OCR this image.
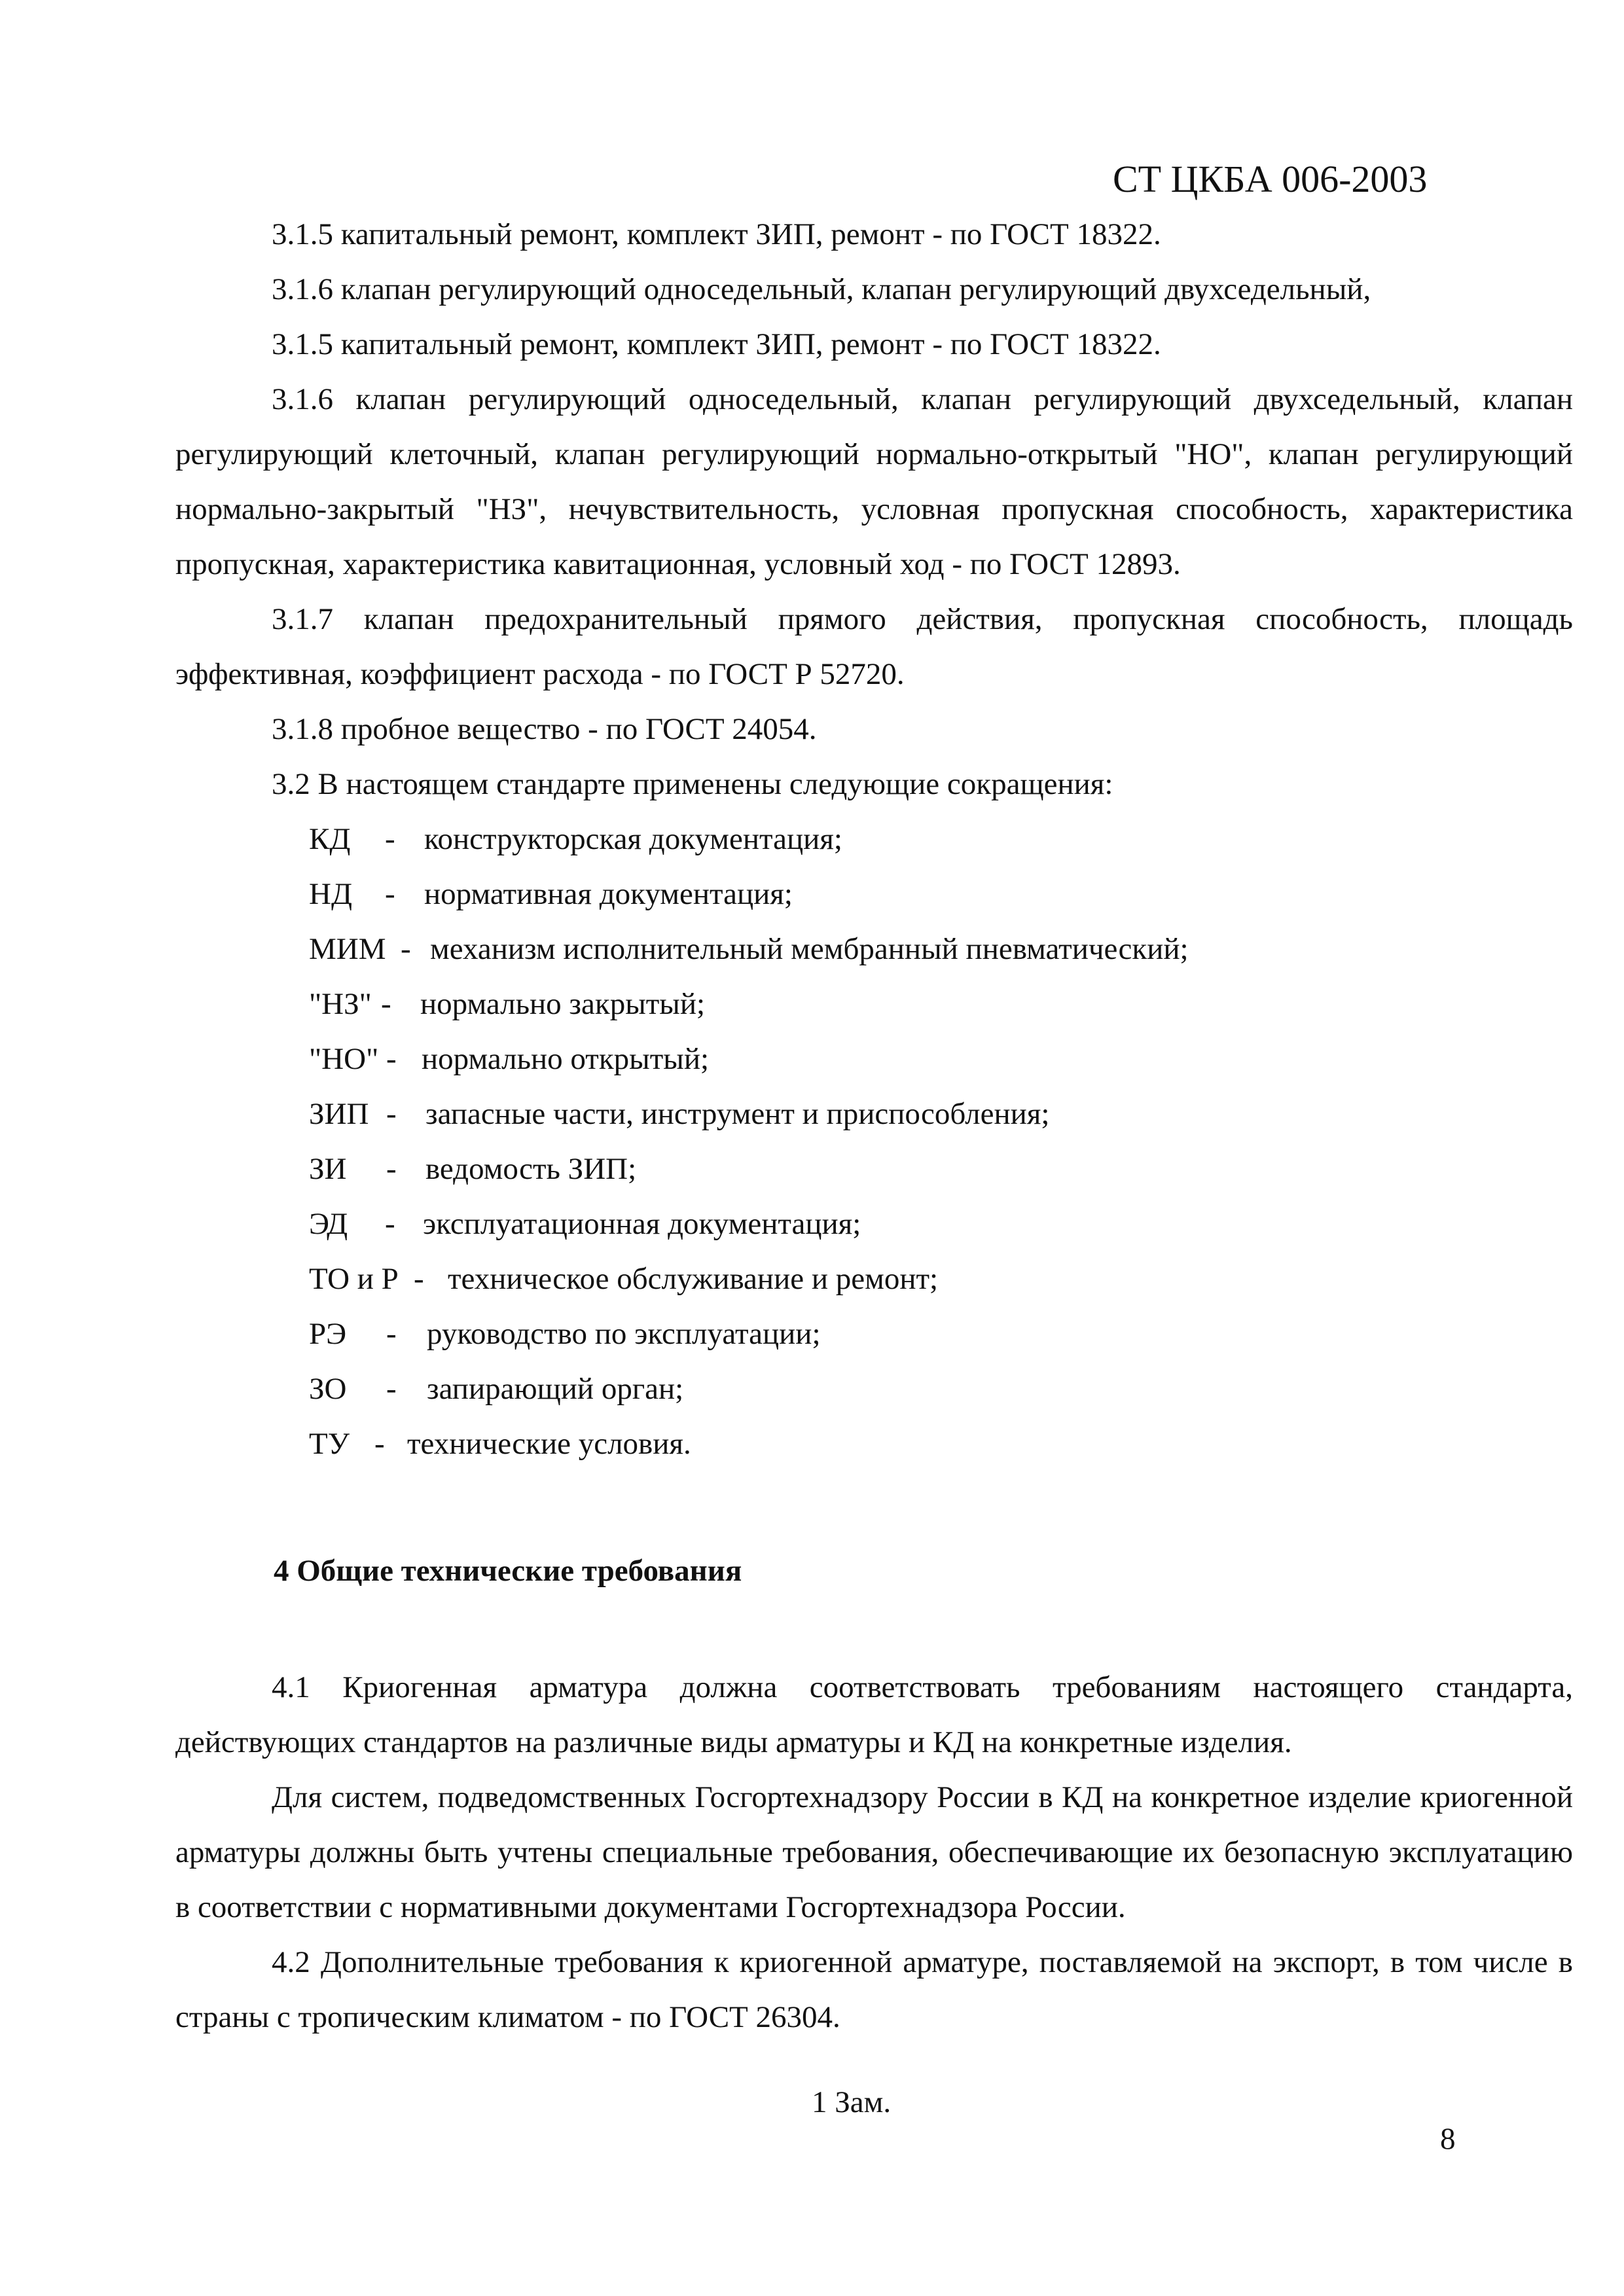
СТ ЦКБА 006-2003

3.1.5 капитальный ремонт, комплект ЗИП, ремонт - по ГОСТ 18322.

3.1.6 клапан регулирующий односедельный, клапан регулирующий двухседельный,

3.1.5 капитальный ремонт, комплект ЗИП, ремонт - по ГОСТ 18322.

3.1.6 клапан регулирующий односедельный, клапан регулирующий двухседельный, клапан регулирующий клеточный, клапан регулирующий нормально-открытый "НО", клапан регулирующий нормально-закрытый "НЗ", нечувствительность, условная пропускная способность, характеристика пропускная, характеристика кавитационная, условный ход - по ГОСТ 12893.

3.1.7 клапан предохранительный прямого действия, пропускная способность, площадь эффективная, коэффициент расхода - по ГОСТ Р 52720.

3.1.8 пробное вещество - по ГОСТ 24054.

3.2 В настоящем стандарте применены следующие сокращения:

КД - конструкторская документация;

НД - нормативная документация;

МИМ - механизм исполнительный мембранный пневматический;

"НЗ" - нормально закрытый;

"НО" - нормально открытый;

ЗИП - запасные части, инструмент и приспособления;

ЗИ - ведомость ЗИП;

ЭД - эксплуатационная документация;

ТО и Р - техническое обслуживание и ремонт;

РЭ - руководство по эксплуатации;

ЗО - запирающий орган;

ТУ - технические условия.

4 Общие технические требования

4.1 Криогенная арматура должна соответствовать требованиям настоящего стандарта, действующих стандартов на различные виды арматуры и КД на конкретные изделия.

Для систем, подведомственных Госгортехнадзору России в КД на конкретное изделие криогенной арматуры должны быть учтены специальные требования, обеспечивающие их безопасную эксплуатацию в соответствии с нормативными документами Госгортехнадзора России.

4.2 Дополнительные требования к криогенной арматуре, поставляемой на экспорт, в том числе в страны с тропическим климатом - по ГОСТ 26304.

1 Зам.
8
